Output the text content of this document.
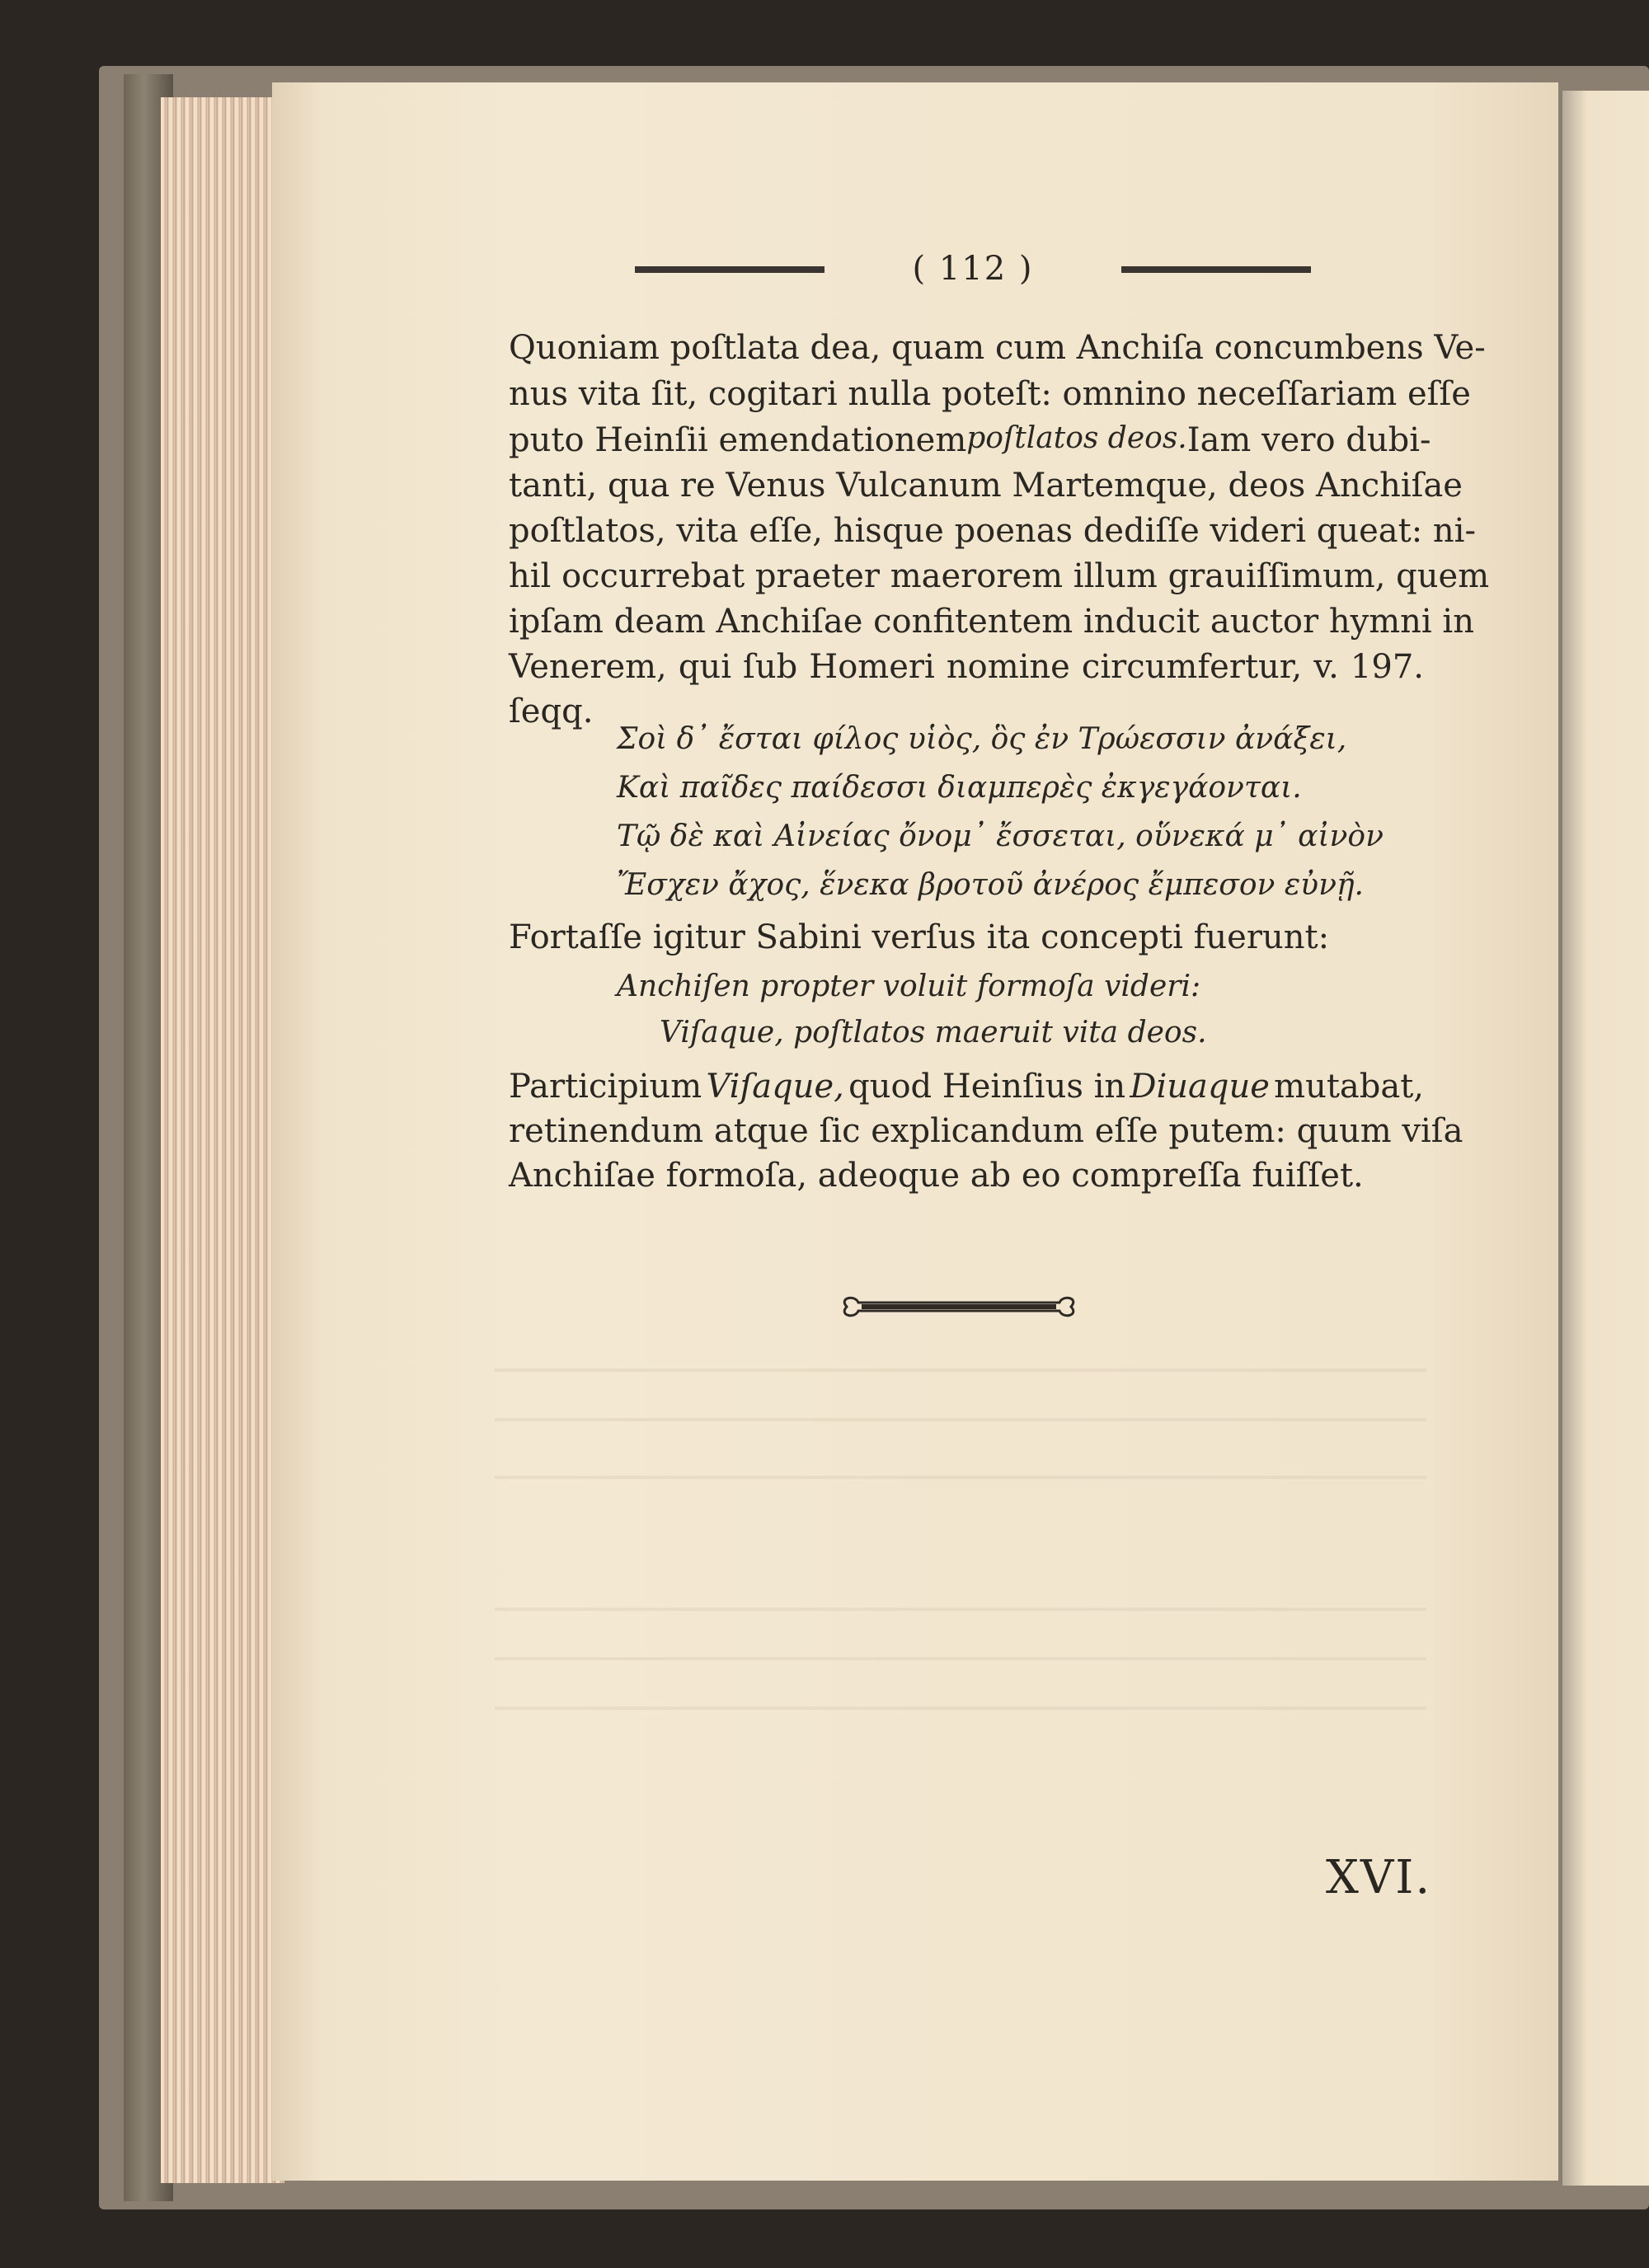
( 112 )
Quoniam poſtlata dea, quam cum Anchiſa concumbens Ve-
nus vita ſit, cogitari nulla poteſt: omnino neceſſariam eſſe
puto Heinſii emendationem poſtlatos deos. Iam vero dubi-
tanti, qua re Venus Vulcanum Martemque, deos Anchiſae
poſtlatos, vita eſſe, hisque poenas dediſſe videri queat: ni-
hil occurrebat praeter maerorem illum grauiſſimum, quem
ipſam deam Anchiſae confitentem inducit auctor hymni in
Venerem, qui ſub Homeri nomine circumfertur, v. 197.
ſeqq.
Σοὶ δ᾽ ἔσται φίλος υἱὸς, ὃς ἐν Τρώεσσιν ἀνάξει,
Καὶ παῖδες παίδεσσι διαμπερὲς ἐκγεγάονται.
Τῷ δὲ καὶ Αἰνείας ὄνομ᾽ ἔσσεται, οὕνεκά μ᾽ αἰνὸν
Ἔσχεν ἄχος, ἕνεκα βροτοῦ ἀνέρος ἔμπεσον εὐνῇ.
Fortaſſe igitur Sabini verſus ita concepti fuerunt:
Anchiſen propter voluit formoſa videri:
Viſaque, poſtlatos maeruit vita deos.
Participium Viſaque, quod Heinſius in Diuaque mutabat,
retinendum atque ſic explicandum eſſe putem: quum viſa
Anchiſae formoſa, adeoque ab eo compreſſa fuiſſet.
XVI.
